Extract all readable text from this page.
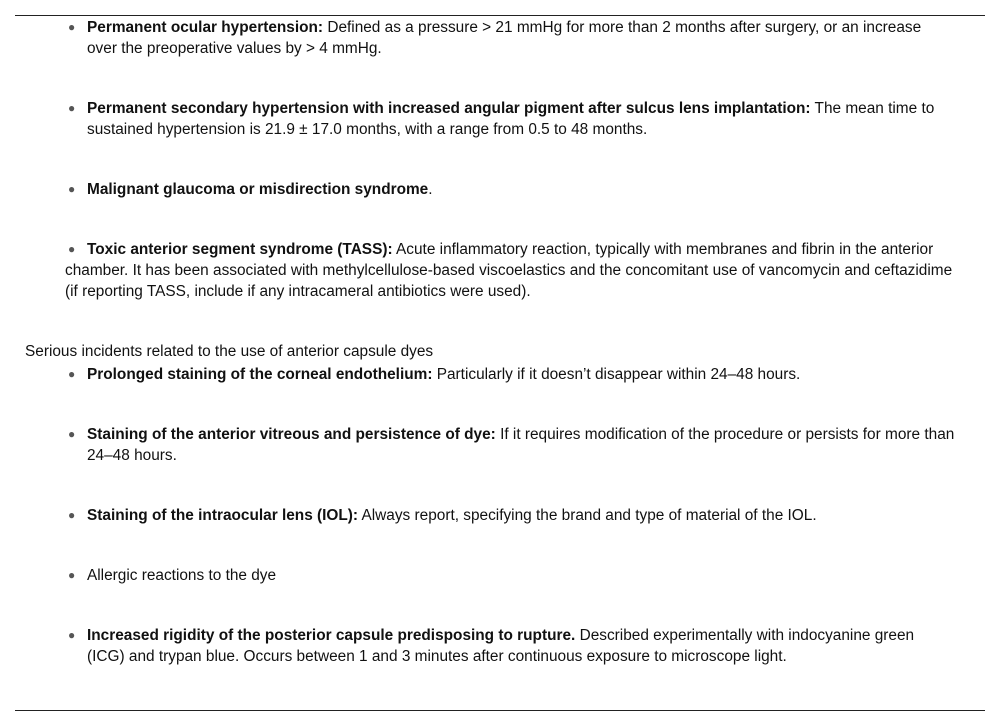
● Permanent ocular hypertension: Defined as a pressure > 21 mmHg for more than 2 months after surgery, or an increase over the preoperative values by > 4 mmHg.
● Permanent secondary hypertension with increased angular pigment after sulcus lens implantation: The mean time to sustained hypertension is 21.9 ± 17.0 months, with a range from 0.5 to 48 months.
● Malignant glaucoma or misdirection syndrome.
● Toxic anterior segment syndrome (TASS): Acute inflammatory reaction, typically with membranes and fibrin in the anterior chamber. It has been associated with methylcellulose-based viscoelastics and the concomitant use of vancomycin and ceftazidime (if reporting TASS, include if any intracameral antibiotics were used).
Serious incidents related to the use of anterior capsule dyes
● Prolonged staining of the corneal endothelium: Particularly if it doesn’t disappear within 24–48 hours.
● Staining of the anterior vitreous and persistence of dye: If it requires modification of the procedure or persists for more than 24–48 hours.
● Staining of the intraocular lens (IOL): Always report, specifying the brand and type of material of the IOL.
● Allergic reactions to the dye
● Increased rigidity of the posterior capsule predisposing to rupture. Described experimentally with indocyanine green (ICG) and trypan blue. Occurs between 1 and 3 minutes after continuous exposure to microscope light.
